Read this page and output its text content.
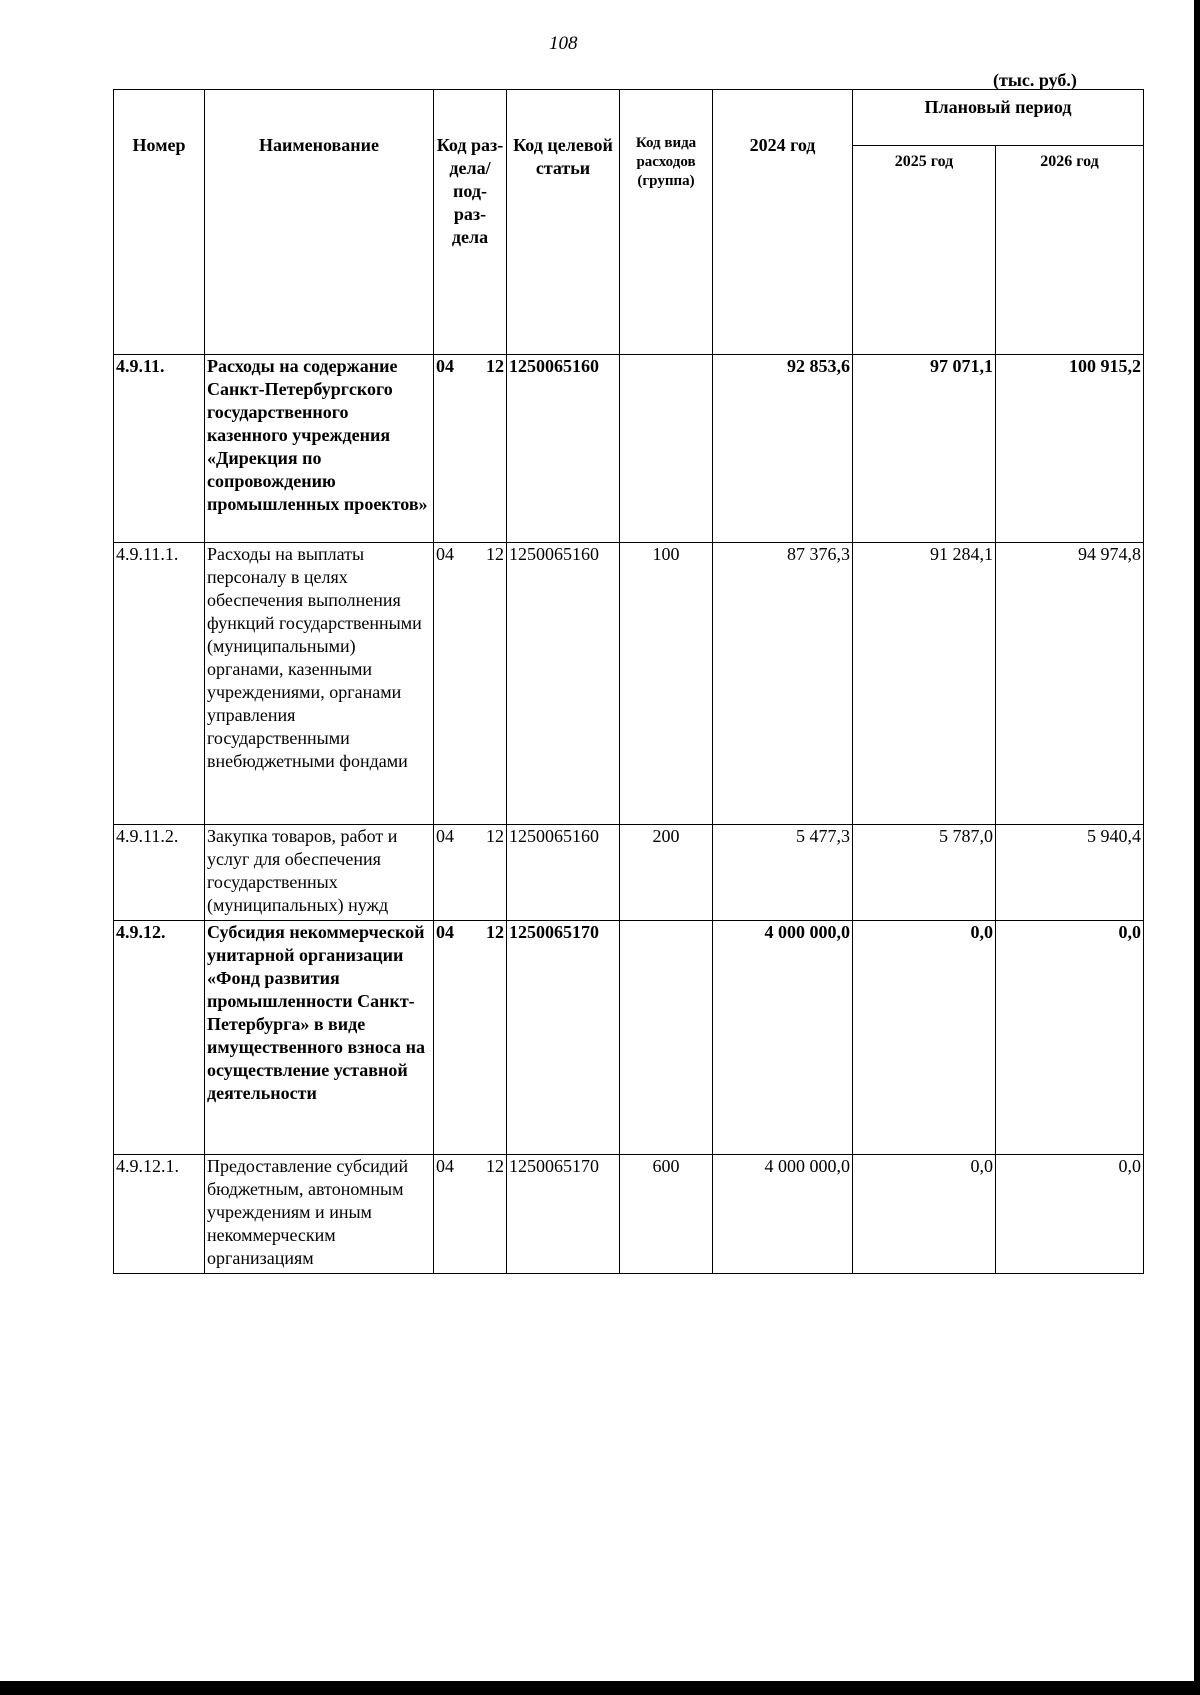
108
(тыс. руб.)
Номер	Наименование	Код раз- дела/ под- раз- дела	Код целевой статьи	Код вида расходов (группа)	2024 год	Плановый период	
						2025 год	2026 год
4.9.11.	Расходы на содержание Санкт-Петербургского государственного казенного учреждения «Дирекция по сопровождению промышленных проектов»	04 12	1250065160		92 853,6	97 071,1	100 915,2
4.9.11.1.	Расходы на выплаты персоналу в целях обеспечения выполнения функций государственными (муниципальными) органами, казенными учреждениями, органами управления государственными внебюджетными фондами	04 12	1250065160	100	87 376,3	91 284,1	94 974,8
4.9.11.2.	Закупка товаров, работ и услуг для обеспечения государственных (муниципальных) нужд	04 12	1250065160	200	5 477,3	5 787,0	5 940,4
4.9.12.	Субсидия некоммерческой унитарной организации «Фонд развития промышленности Санкт-Петербурга» в виде имущественного взноса на осуществление уставной деятельности	04 12	1250065170		4 000 000,0	0,0	0,0
4.9.12.1.	Предоставление субсидий бюджетным, автономным учреждениям и иным некоммерческим организациям	04 12	1250065170	600	4 000 000,0	0,0	0,0
